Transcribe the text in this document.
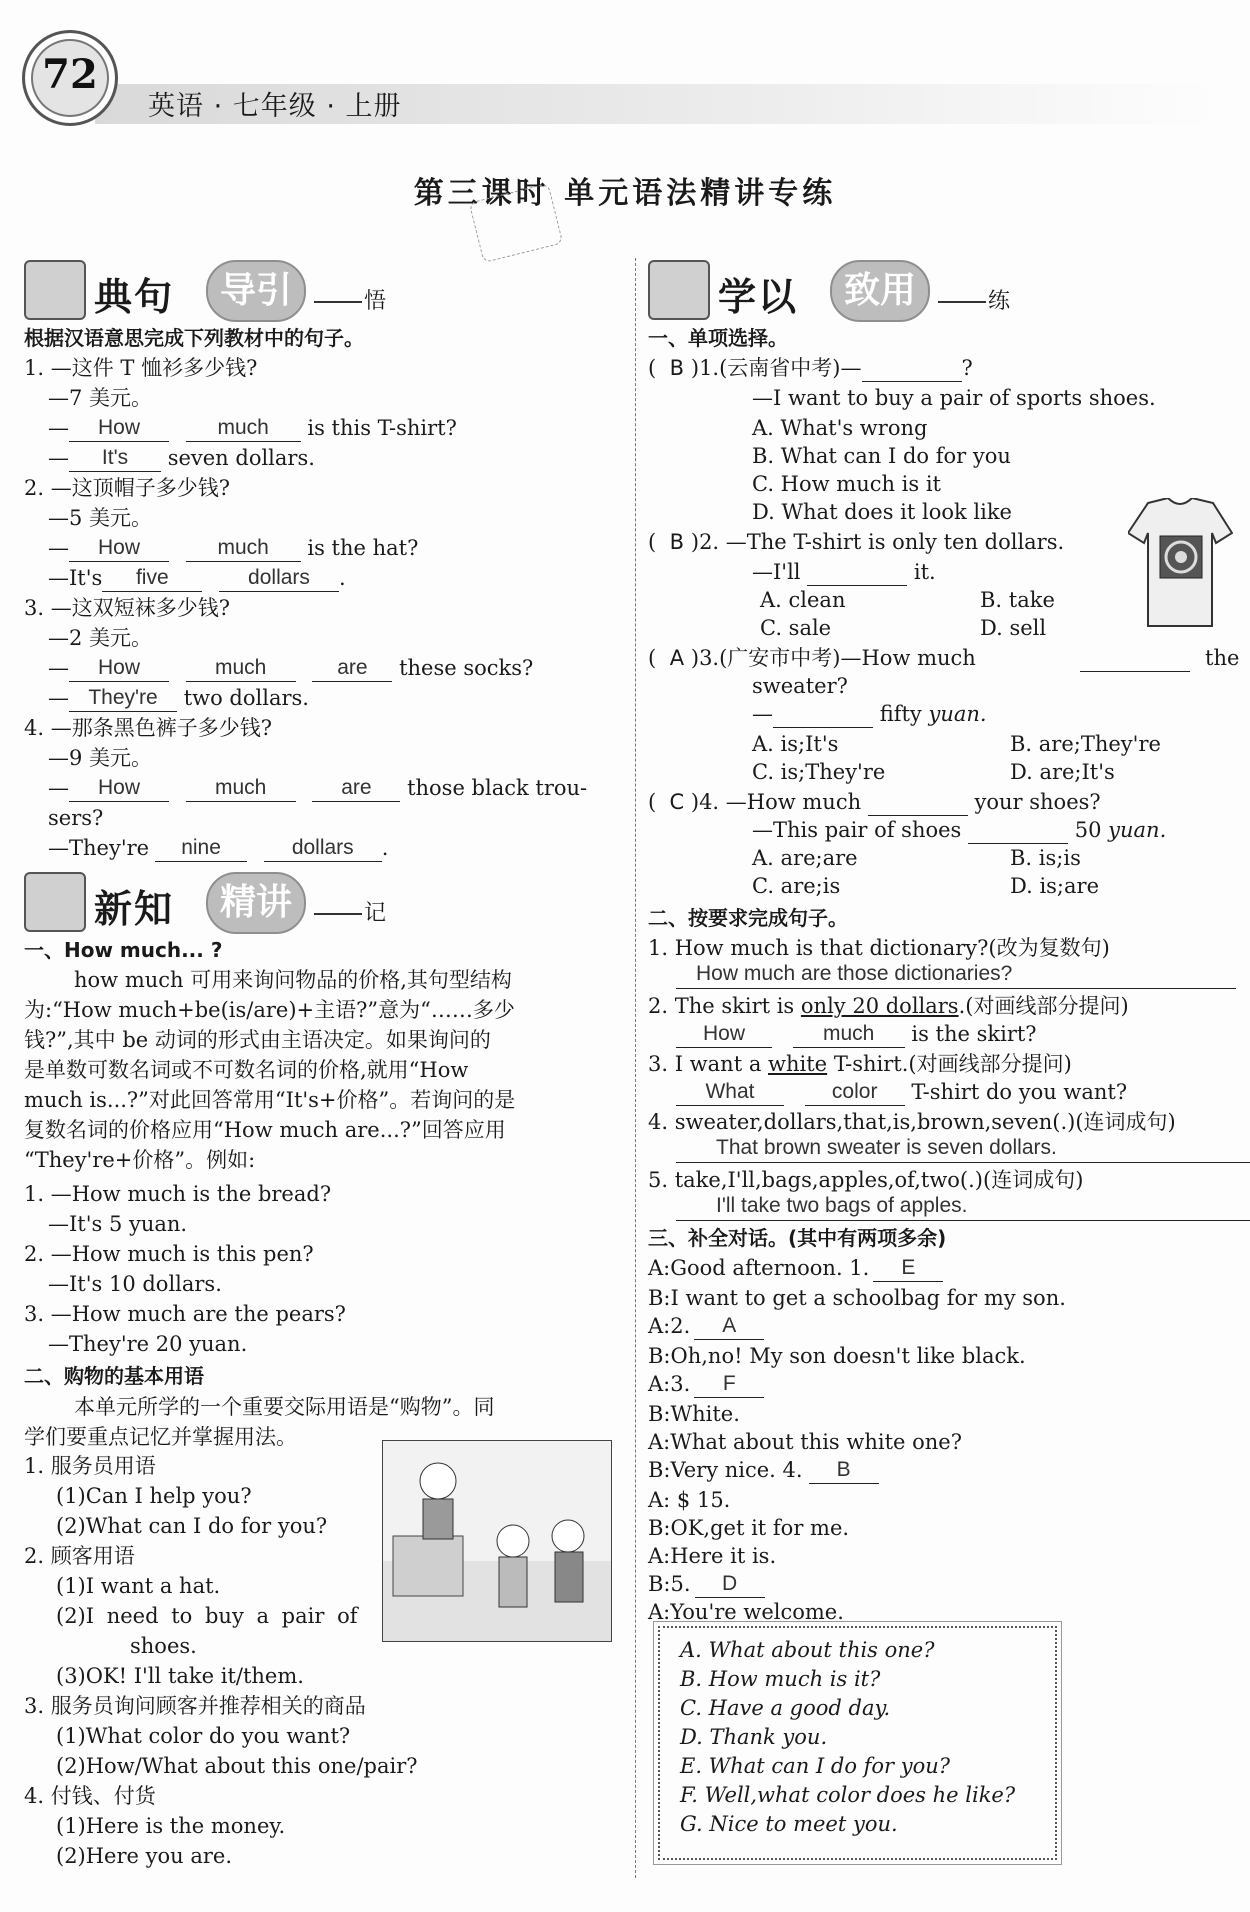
72
英语 · 七年级 · 上册
第三课时 单元语法精讲专练
典句	导引	悟
根据汉语意思完成下列教材中的句子。
1. —这件 T 恤衫多少钱?
—7 美元。
— How	much is this T-shirt?
— It's seven dollars.
2. —这顶帽子多少钱?
—5 美元。
— How	much is the hat?
—It's five	dollars .
3. —这双短袜多少钱?
—2 美元。
— How	much	are these socks?
— They're two dollars.
4. —那条黑色裤子多少钱?
—9 美元。
— How	much	are those black trou-
sers?
—They're nine	dollars .
新知	精讲	记
一、How much... ?
how much 可用来询问物品的价格,其句型结构
为:“How much+be(is/are)+主语?”意为“……多少
钱?”,其中 be 动词的形式由主语决定。如果询问的
是单数可数名词或不可数名词的价格,就用“How
much is...?”对此回答常用“It's+价格”。若询问的是
复数名词的价格应用“How much are...?”回答应用
“They're+价格”。例如:
1. —How much is the bread?
—It's 5 yuan.
2. —How much is this pen?
—It's 10 dollars.
3. —How much are the pears?
—They're 20 yuan.
二、购物的基本用语
本单元所学的一个重要交际用语是“购物”。同
学们要重点记忆并掌握用法。
1. 服务员用语
(1)Can I help you?
(2)What can I do for you?
2. 顾客用语
(1)I want a hat.
(2)I need to buy a pair of
shoes.
(3)OK! I'll take it/them.
3. 服务员询问顾客并推荐相关的商品
(1)What color do you want?
(2)How/What about this one/pair?
4. 付钱、付货
(1)Here is the money.
(2)Here you are.
学以	致用	练
一、单项选择。
( B )1.(云南省中考)—	?
—I want to buy a pair of sports shoes.
A. What's wrong
B. What can I do for you
C. How much is it
D. What does it look like
( B )2. —The T-shirt is only ten dollars.
—I'll	it.
A. clean	B. take
C. sale	D. sell
( A )3.(广安市中考)—How much	the
sweater?
—	fifty yuan.
A. is;It's	B. are;They're
C. is;They're	D. are;It's
( C )4. —How much	your shoes?
—This pair of shoes	50 yuan.
A. are;are	B. is;is
C. are;is	D. is;are
二、按要求完成句子。
1. How much is that dictionary?(改为复数句)
How much are those dictionaries?
2. The skirt is only 20 dollars.(对画线部分提问)
How	much is the skirt?
3. I want a white T-shirt.(对画线部分提问)
What	color T-shirt do you want?
4. sweater,dollars,that,is,brown,seven(.)(连词成句)
That brown sweater is seven dollars.
5. take,I'll,bags,apples,of,two(.)(连词成句)
I'll take two bags of apples.
三、补全对话。(其中有两项多余)
A:Good afternoon. 1. E
B:I want to get a schoolbag for my son.
A:2. A
B:Oh,no! My son doesn't like black.
A:3. F
B:White.
A:What about this white one?
B:Very nice. 4. B
A: $ 15.
B:OK,get it for me.
A:Here it is.
B:5. D
A:You're welcome.
A. What about this one?
B. How much is it?
C. Have a good day.
D. Thank you.
E. What can I do for you?
F. Well,what color does he like?
G. Nice to meet you.
